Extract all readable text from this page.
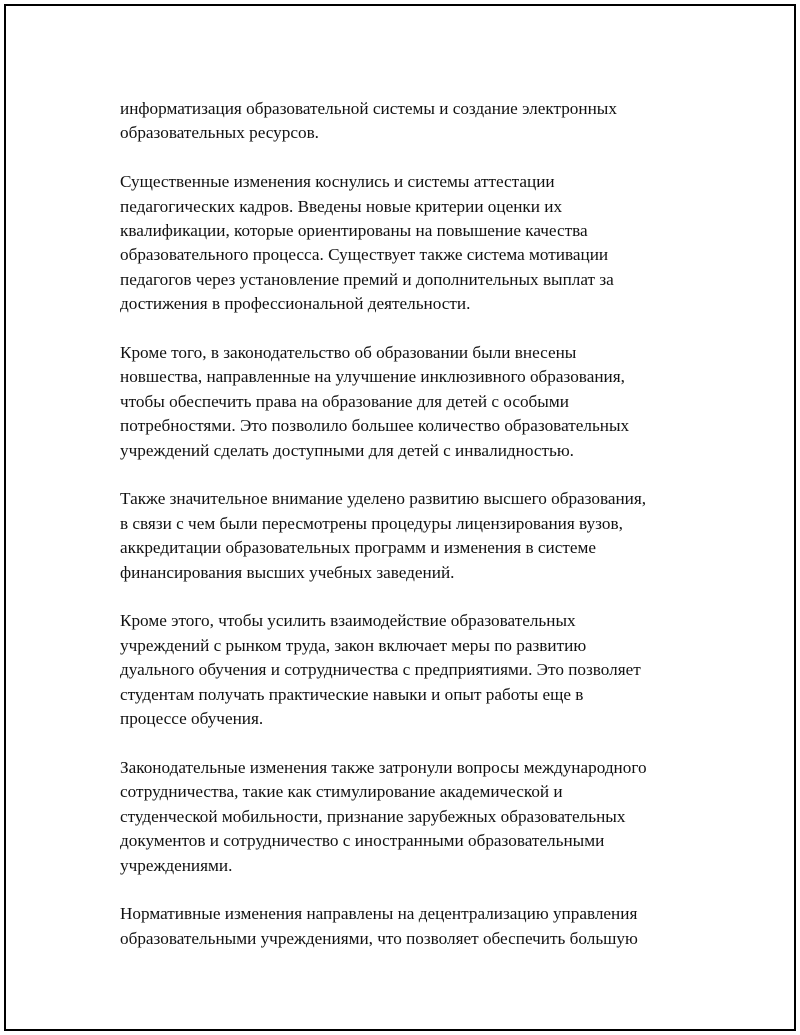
информатизация образовательной системы и создание электронных
образовательных ресурсов.

Существенные изменения коснулись и системы аттестации
педагогических кадров. Введены новые критерии оценки их
квалификации, которые ориентированы на повышение качества
образовательного процесса. Существует также система мотивации
педагогов через установление премий и дополнительных выплат за
достижения в профессиональной деятельности.

Кроме того, в законодательство об образовании были внесены
новшества, направленные на улучшение инклюзивного образования,
чтобы обеспечить права на образование для детей с особыми
потребностями. Это позволило большее количество образовательных
учреждений сделать доступными для детей с инвалидностью.

Также значительное внимание уделено развитию высшего образования,
в связи с чем были пересмотрены процедуры лицензирования вузов,
аккредитации образовательных программ и изменения в системе
финансирования высших учебных заведений.

Кроме этого, чтобы усилить взаимодействие образовательных
учреждений с рынком труда, закон включает меры по развитию
дуального обучения и сотрудничества с предприятиями. Это позволяет
студентам получать практические навыки и опыт работы еще в
процессе обучения.

Законодательные изменения также затронули вопросы международного
сотрудничества, такие как стимулирование академической и
студенческой мобильности, признание зарубежных образовательных
документов и сотрудничество с иностранными образовательными
учреждениями.

Нормативные изменения направлены на децентрализацию управления
образовательными учреждениями, что позволяет обеспечить большую
